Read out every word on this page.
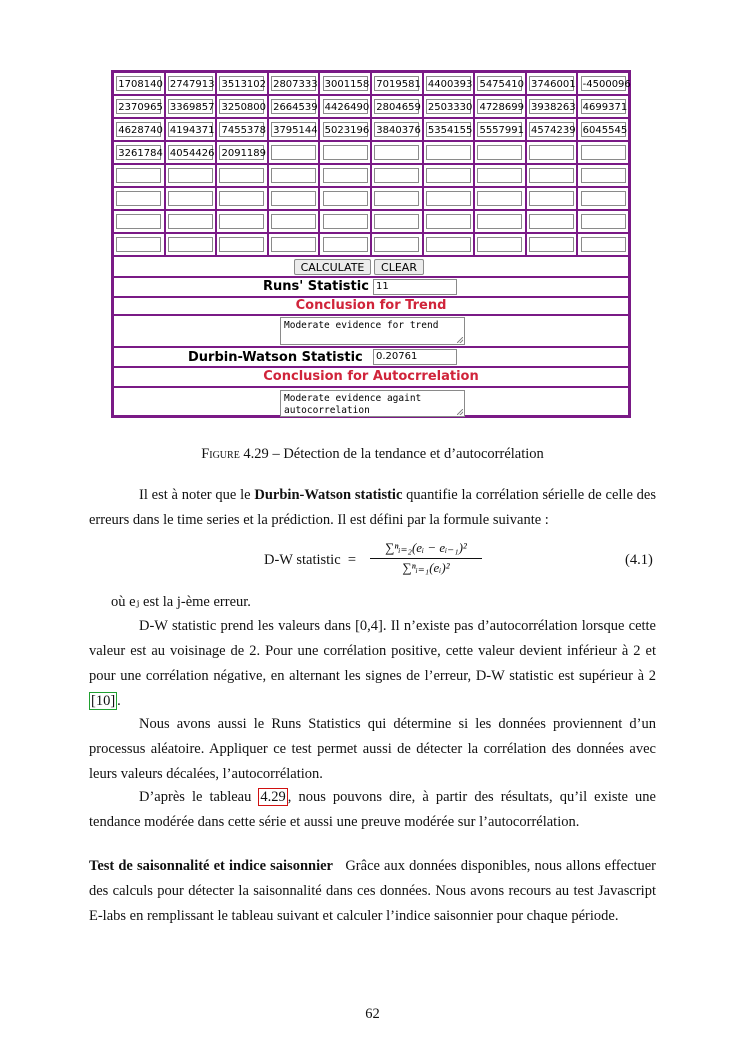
1708140 2747913 3513102 2807333 3001158 7019581 4400393 5475410 3746001 -4500096
2370965 3369857 3250800 2664539 4426490 2804659 2503330 4728699 3938263 4699371
4628740 4194371 7455378 3795144 5023196 3840376 5354155 5557991 4574239 6045545
3261784 4054426 2091189
CALCULATE	CLEAR
Runs' Statistic 11
Conclusion for Trend
Moderate evidence for trend
Durbin-Watson Statistic	0.20761
Conclusion for Autocrrelation
Moderate evidence againt autocorrelation
Figure 4.29 – Détection de la tendance et d’autocorrélation
Il est à noter que le Durbin-Watson statistic quantifie la corrélation sérielle de celle des erreurs dans le time series et la prédiction. Il est défini par la formule suivante :
D-W statistic = $\frac{\text{∑ⁿᵢ₌₂(eᵢ − eᵢ₋₁)²}}{\text{∑ⁿᵢ₌₁(eᵢ)²}}$	(4.1)
où eⱼ est la j-ème erreur.
D-W statistic prend les valeurs dans [0,4]. Il n’existe pas d’autocorrélation lorsque cette valeur est au voisinage de 2. Pour une corrélation positive, cette valeur devient inférieur à 2 et pour une corrélation négative, en alternant les signes de l’erreur, D-W statistic est supérieur à 2 [10] .
Nous avons aussi le Runs Statistics qui détermine si les données proviennent d’un processus aléatoire. Appliquer ce test permet aussi de détecter la corrélation des données avec leurs valeurs décalées, l’autocorrélation.
D’après le tableau 4.29 , nous pouvons dire, à partir des résultats, qu’il existe une tendance modérée dans cette série et aussi une preuve modérée sur l’autocorrélation.
Test de saisonnalité et indice saisonnier Grâce aux données disponibles, nous allons effectuer des calculs pour détecter la saisonnalité dans ces données. Nous avons recours au test Javascript E-labs en remplissant le tableau suivant et calculer l’indice saisonnier pour chaque période.
62
